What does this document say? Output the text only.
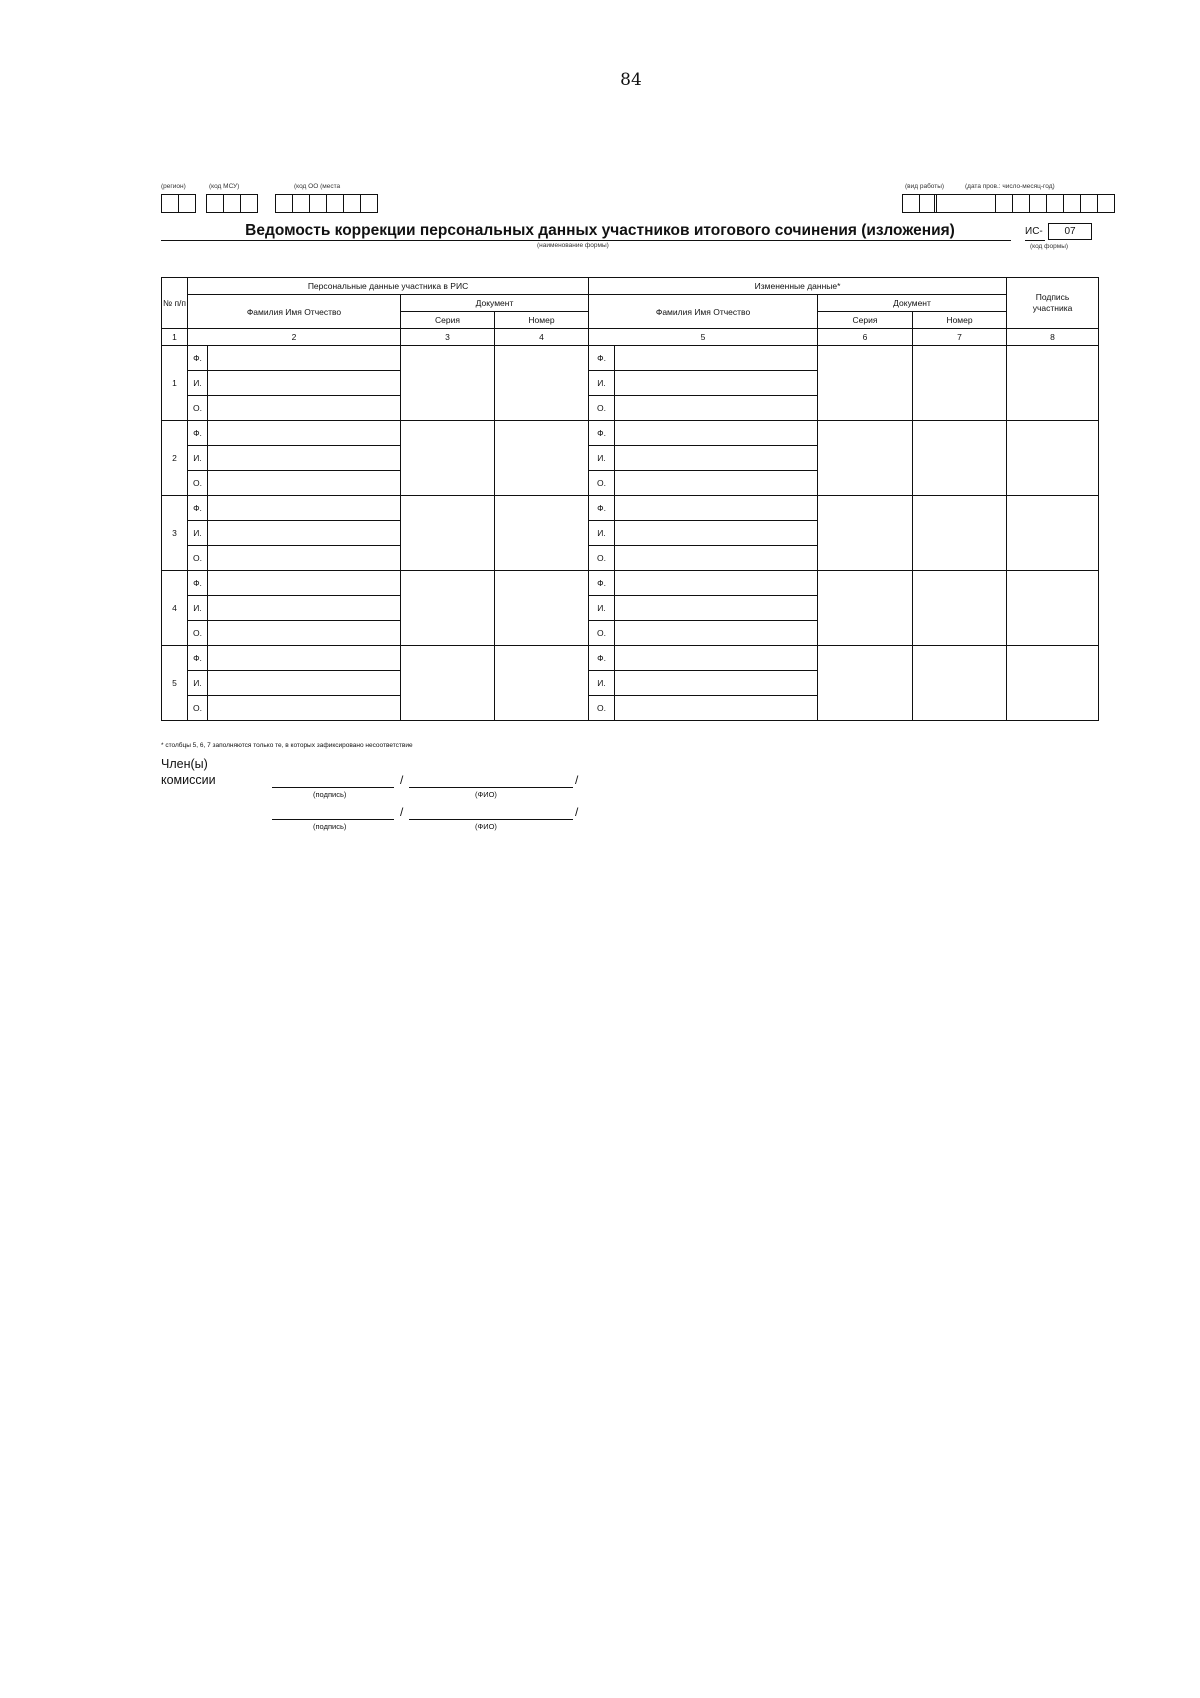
84
(регион)	(код МСУ)	(код ОО (места	(вид работы)	(дата пров.: число-месяц-год)
Ведомость коррекции персональных данных участников итогового сочинения (изложения)
(наименование формы)
ИС-	07
(код формы)
№ п/п	Персональные данные участника в РИС				Измененные данные*				Подпись участника
	Фамилия Имя Отчество		Документ		Фамилия Имя Отчество		Документ		
			Серия	Номер			Серия	Номер	
1	2		3	4	5		6	7	8
1	Ф.				Ф.				
	И.				И.				
	О.				О.				
2	Ф.				Ф.				
	И.				И.				
	О.				О.				
3	Ф.				Ф.				
	И.				И.				
	О.				О.				
4	Ф.				Ф.				
	И.				И.				
	О.				О.				
5	Ф.				Ф.				
	И.				И.				
	О.				О.				
* столбцы 5, 6, 7 заполняются только те, в которых зафиксировано несоответствие
Член(ы)
комиссии	/	/
(подпись)	(ФИО)
/	/
(подпись)	(ФИО)
